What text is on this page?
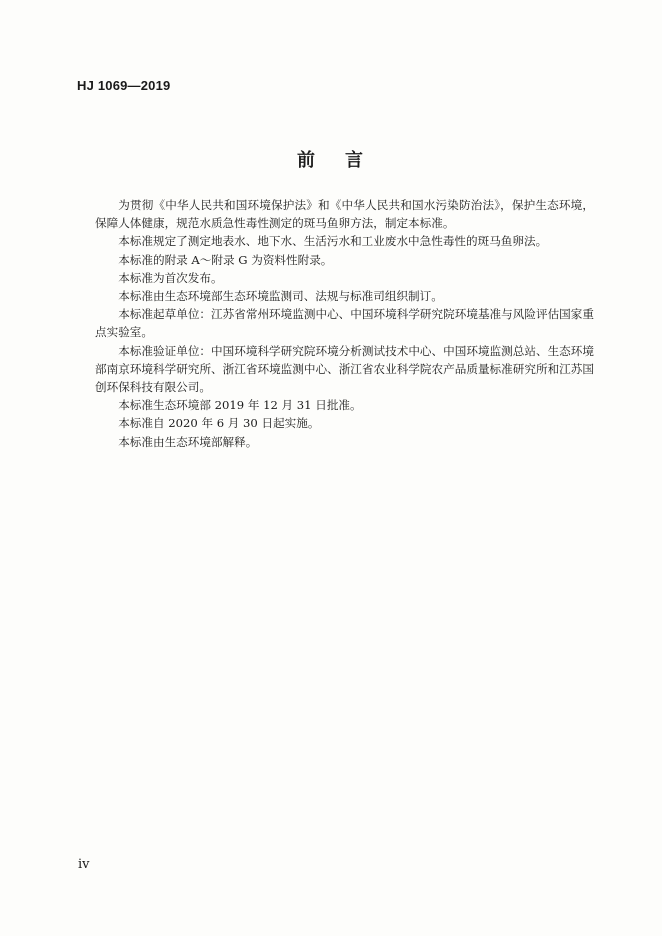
HJ 1069—2019
前 言

为贯彻《中华人民共和国环境保护法》和《中华人民共和国水污染防治法》，保护生态环境，保障人体健康，规范水质急性毒性测定的斑马鱼卵方法，制定本标准。

本标准规定了测定地表水、地下水、生活污水和工业废水中急性毒性的斑马鱼卵法。

本标准的附录 A～附录 G 为资料性附录。

本标准为首次发布。

本标准由生态环境部生态环境监测司、法规与标准司组织制订。

本标准起草单位：江苏省常州环境监测中心、中国环境科学研究院环境基准与风险评估国家重点实验室。

本标准验证单位：中国环境科学研究院环境分析测试技术中心、中国环境监测总站、生态环境部南京环境科学研究所、浙江省环境监测中心、浙江省农业科学院农产品质量标准研究所和江苏国创环保科技有限公司。

本标准生态环境部 2019 年 12 月 31 日批准。

本标准自 2020 年 6 月 30 日起实施。

本标准由生态环境部解释。

iv
